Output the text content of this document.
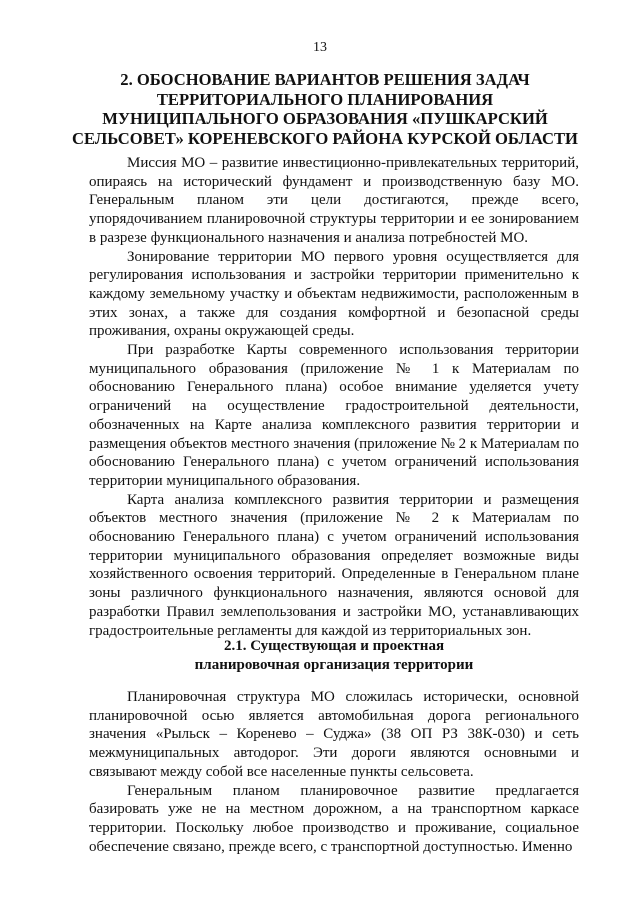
13
2. ОБОСНОВАНИЕ ВАРИАНТОВ РЕШЕНИЯ ЗАДАЧ ТЕРРИТОРИАЛЬНОГО ПЛАНИРОВАНИЯ МУНИЦИПАЛЬНОГО ОБРАЗОВАНИЯ «ПУШКАРСКИЙ СЕЛЬСОВЕТ» КОРЕНЕВСКОГО РАЙОНА КУРСКОЙ ОБЛАСТИ

Миссия МО – развитие инвестиционно-привлекательных территорий, опираясь на исторический фундамент и производственную базу МО. Генеральным планом эти цели достигаются, прежде всего, упорядочиванием планировочной структуры территории и ее зонированием в разрезе функционального назначения и анализа потребностей МО.

Зонирование территории МО первого уровня осуществляется для регулирования использования и застройки территории применительно к каждому земельному участку и объектам недвижимости, расположенным в этих зонах, а также для создания комфортной и безопасной среды проживания, охраны окружающей среды.

При разработке Карты современного использования территории муниципального образования (приложение № 1 к Материалам по обоснованию Генерального плана) особое внимание уделяется учету ограничений на осуществление градостроительной деятельности, обозначенных на Карте анализа комплексного развития территории и размещения объектов местного значения (приложение № 2 к Материалам по обоснованию Генерального плана) с учетом ограничений использования территории муниципального образования.

Карта анализа комплексного развития территории и размещения объектов местного значения (приложение № 2 к Материалам по обоснованию Генерального плана) с учетом ограничений использования территории муниципального образования определяет возможные виды хозяйственного освоения территорий. Определенные в Генеральном плане зоны различного функционального назначения, являются основой для разработки Правил землепользования и застройки МО, устанавливающих градостроительные регламенты для каждой из территориальных зон.

2.1. Существующая и проектная
планировочная организация территории

Планировочная структура МО сложилась исторически, основной планировочной осью является автомобильная дорога регионального значения «Рыльск – Коренево – Суджа» (38 ОП РЗ 38К-030) и сеть межмуниципальных автодорог. Эти дороги являются основными и связывают между собой все населенные пункты сельсовета.

Генеральным планом планировочное развитие предлагается базировать уже не на местном дорожном, а на транспортном каркасе территории. Поскольку любое производство и проживание, социальное обеспечение связано, прежде всего, с транспортной доступностью. Именно
